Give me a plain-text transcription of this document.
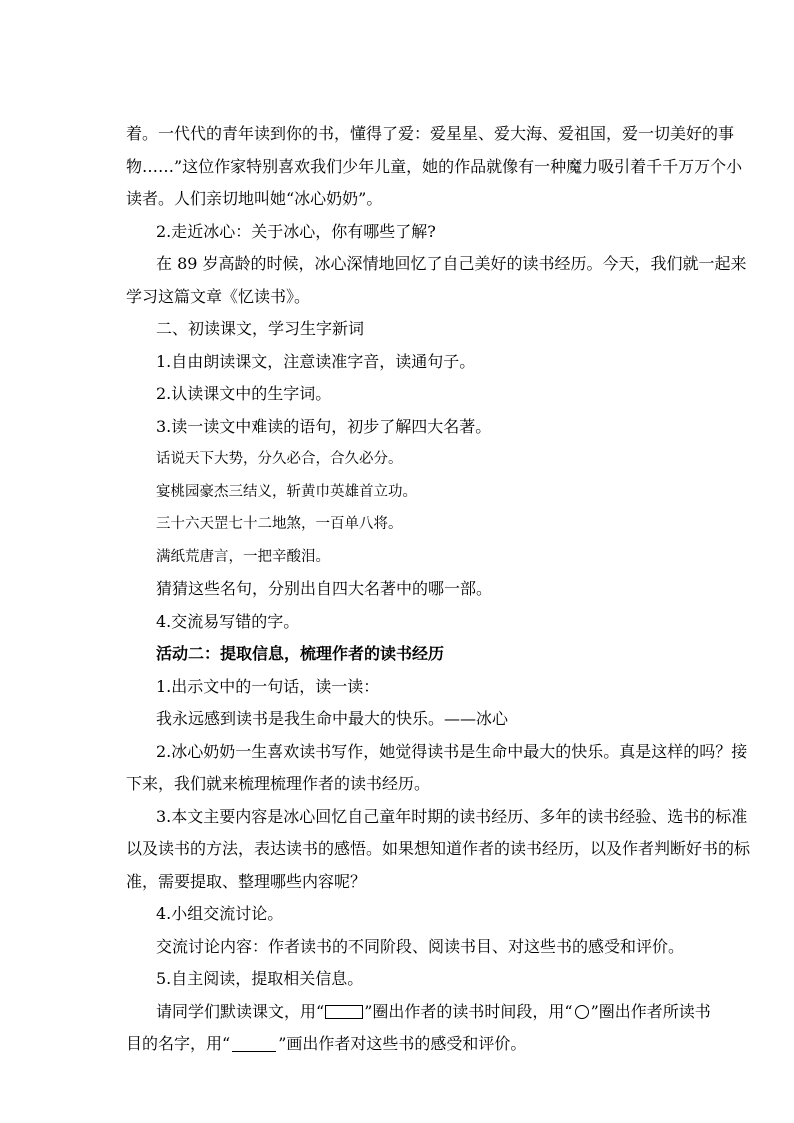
着。一代代的青年读到你的书，懂得了爱：爱星星、爱大海、爱祖国，爱一切美好的事
物……”这位作家特别喜欢我们少年儿童，她的作品就像有一种魔力吸引着千千万万个小
读者。人们亲切地叫她“冰心奶奶”。
2.走近冰心：关于冰心，你有哪些了解?
在 89 岁高龄的时候，冰心深情地回忆了自己美好的读书经历。今天，我们就一起来
学习这篇文章《忆读书》。
二、初读课文，学习生字新词
1.自由朗读课文，注意读准字音，读通句子。
2.认读课文中的生字词。
3.读一读文中难读的语句，初步了解四大名著。
话说天下大势，分久必合，合久必分。
宴桃园豪杰三结义，斩黄巾英雄首立功。
三十六天罡七十二地煞，一百单八将。
满纸荒唐言，一把辛酸泪。
猜猜这些名句，分别出自四大名著中的哪一部。
4.交流易写错的字。
活动二：提取信息，梳理作者的读书经历
1.出示文中的一句话，读一读：
我永远感到读书是我生命中最大的快乐。——冰心
2.冰心奶奶一生喜欢读书写作，她觉得读书是生命中最大的快乐。真是这样的吗？接
下来，我们就来梳理梳理作者的读书经历。
3.本文主要内容是冰心回忆自己童年时期的读书经历、多年的读书经验、选书的标准
以及读书的方法，表达读书的感悟。如果想知道作者的读书经历，以及作者判断好书的标
准，需要提取、整理哪些内容呢？
4.小组交流讨论。
交流讨论内容：作者读书的不同阶段、阅读书目、对这些书的感受和评价。
5.自主阅读，提取相关信息。
请同学们默读课文，用“	”圈出作者的读书时间段，用“ ○ ”圈出作者所读书
目的名字，用“	”画出作者对这些书的感受和评价。
